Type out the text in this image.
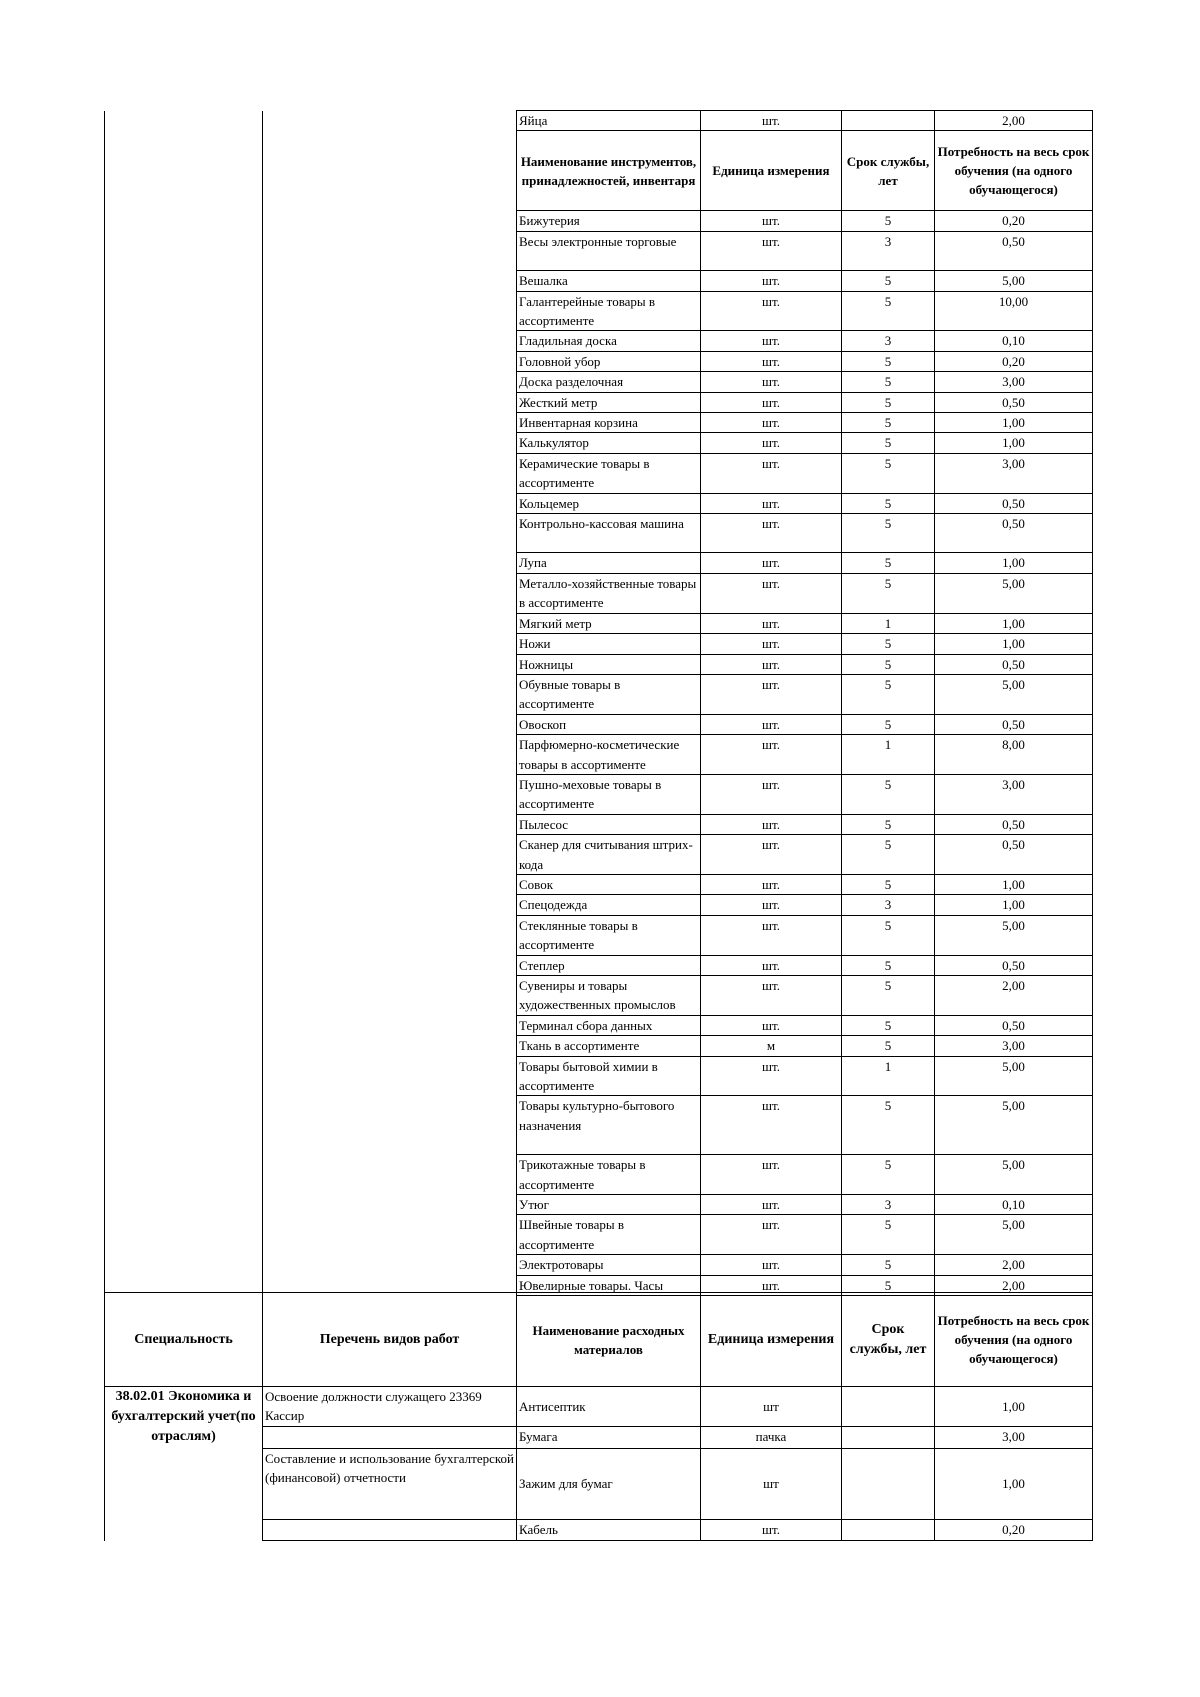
		Яйца	шт.		2,00
		Наименование инструментов, принадлежностей, инвентаря	Единица измерения	Срок службы, лет	Потребность на весь срок обучения (на одного обучающегося)
		Бижутерия	шт.	5	0,20
		Весы электронные торговые	шт.	3	0,50
		Вешалка	шт.	5	5,00
		Галантерейные товары в ассортименте	шт.	5	10,00
		Гладильная доска	шт.	3	0,10
		Головной убор	шт.	5	0,20
		Доска разделочная	шт.	5	3,00
		Жесткий метр	шт.	5	0,50
		Инвентарная корзина	шт.	5	1,00
		Калькулятор	шт.	5	1,00
		Керамические товары в ассортименте	шт.	5	3,00
		Кольцемер	шт.	5	0,50
		Контрольно-кассовая машина	шт.	5	0,50
		Лупа	шт.	5	1,00
		Металло-хозяйственные товары в ассортименте	шт.	5	5,00
		Мягкий метр	шт.	1	1,00
		Ножи	шт.	5	1,00
		Ножницы	шт.	5	0,50
		Обувные товары в ассортименте	шт.	5	5,00
		Овоскоп	шт.	5	0,50
		Парфюмерно-косметические товары в ассортименте	шт.	1	8,00
		Пушно-меховые товары в ассортименте	шт.	5	3,00
		Пылесос	шт.	5	0,50
		Сканер для считывания штрих-кода	шт.	5	0,50
		Совок	шт.	5	1,00
		Спецодежда	шт.	3	1,00
		Стеклянные товары в ассортименте	шт.	5	5,00
		Степлер	шт.	5	0,50
		Сувениры и товары художественных промыслов	шт.	5	2,00
		Терминал сбора данных	шт.	5	0,50
		Ткань в ассортименте	м	5	3,00
		Товары бытовой химии в ассортименте	шт.	1	5,00
		Товары культурно-бытового назначения	шт.	5	5,00
		Трикотажные товары в ассортименте	шт.	5	5,00
		Утюг	шт.	3	0,10
		Швейные товары в ассортименте	шт.	5	5,00
		Электротовары	шт.	5	2,00
		Ювелирные товары. Часы	шт.	5	2,00
Специальность	Перечень видов работ	Наименование расходных материалов	Единица измерения	Срок службы, лет	Потребность на весь срок обучения (на одного обучающегося)
38.02.01 Экономика и бухгалтерский учет(по отраслям)	Освоение должности служащего 23369 Кассир	Антисептик	шт		1,00
		Бумага	пачка		3,00
	Составление и использование бухгалтерской (финансовой) отчетности	Зажим для бумаг	шт		1,00
		Кабель	шт.		0,20
